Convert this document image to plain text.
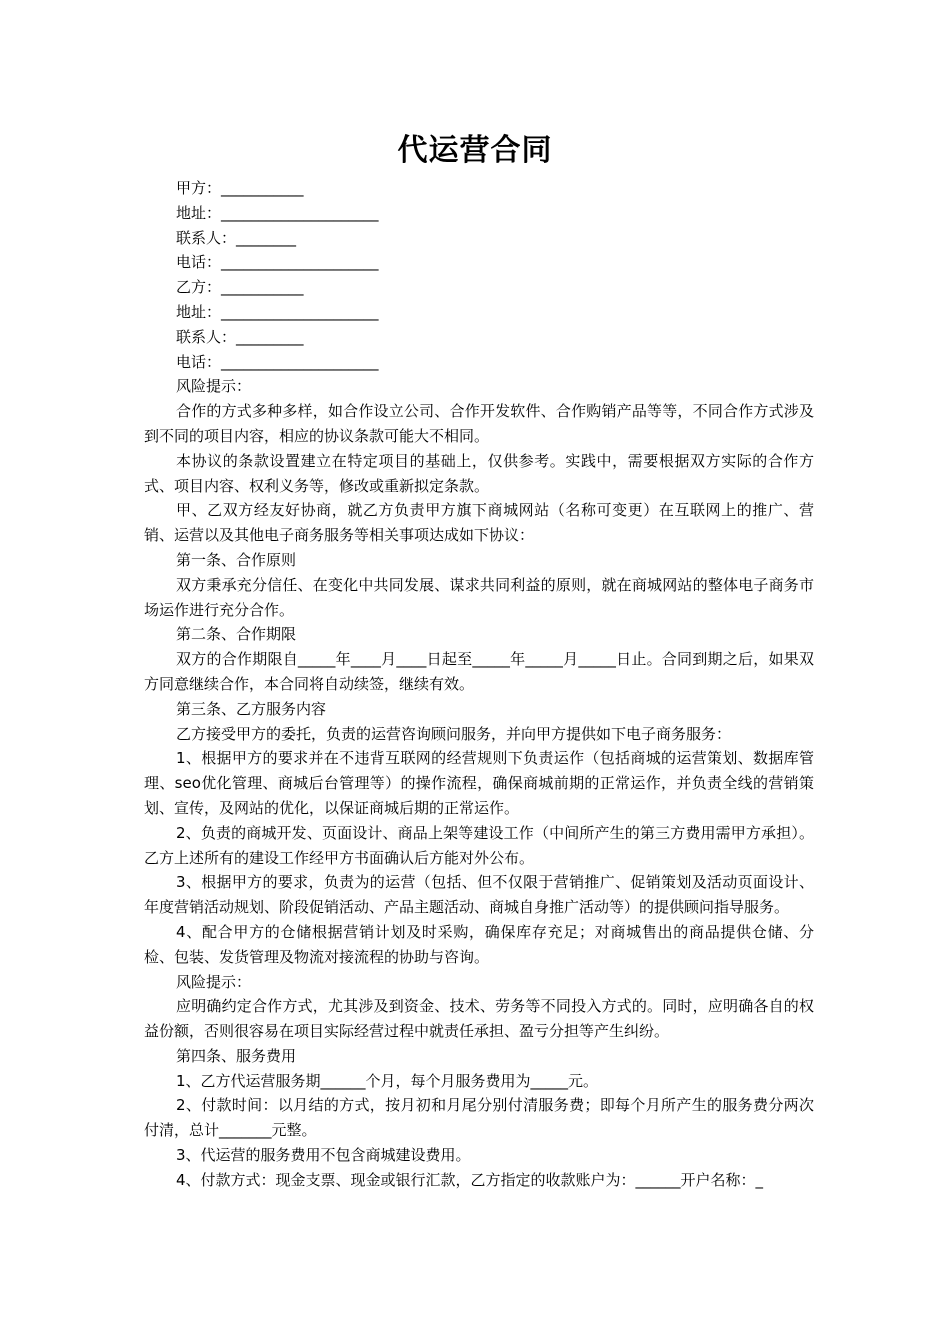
代运营合同
甲方：___________
地址：_____________________
联系人：________
电话：_____________________
乙方：___________
地址：_____________________
联系人：_________
电话：_____________________
风险提示：

合作的方式多种多样，如合作设立公司、合作开发软件、合作购销产品等等，不同合作方式涉及到不同的项目内容，相应的协议条款可能大不相同。

本协议的条款设置建立在特定项目的基础上，仅供参考。实践中，需要根据双方实际的合作方式、项目内容、权利义务等，修改或重新拟定条款。

甲、乙双方经友好协商，就乙方负责甲方旗下商城网站（名称可变更）在互联网上的推广、营销、运营以及其他电子商务服务等相关事项达成如下协议：

第一条、合作原则

双方秉承充分信任、在变化中共同发展、谋求共同利益的原则，就在商城网站的整体电子商务市场运作进行充分合作。

第二条、合作期限

双方的合作期限自_____年____月____日起至_____年_____月_____日止。合同到期之后，如果双方同意继续合作，本合同将自动续签，继续有效。

第三条、乙方服务内容

乙方接受甲方的委托，负责的运营咨询顾问服务，并向甲方提供如下电子商务服务：

1、根据甲方的要求并在不违背互联网的经营规则下负责运作（包括商城的运营策划、数据库管理、seo优化管理、商城后台管理等）的操作流程，确保商城前期的正常运作，并负责全线的营销策划、宣传，及网站的优化，以保证商城后期的正常运作。

2、负责的商城开发、页面设计、商品上架等建设工作（中间所产生的第三方费用需甲方承担）。乙方上述所有的建设工作经甲方书面确认后方能对外公布。

3、根据甲方的要求，负责为的运营（包括、但不仅限于营销推广、促销策划及活动页面设计、年度营销活动规划、阶段促销活动、产品主题活动、商城自身推广活动等）的提供顾问指导服务。

4、配合甲方的仓储根据营销计划及时采购，确保库存充足；对商城售出的商品提供仓储、分检、包装、发货管理及物流对接流程的协助与咨询。

风险提示：

应明确约定合作方式，尤其涉及到资金、技术、劳务等不同投入方式的。同时，应明确各自的权益份额，否则很容易在项目实际经营过程中就责任承担、盈亏分担等产生纠纷。

第四条、服务费用

1、乙方代运营服务期______个月，每个月服务费用为_____元。

2、付款时间：以月结的方式，按月初和月尾分别付清服务费；即每个月所产生的服务费分两次付清，总计_______元整。

3、代运营的服务费用不包含商城建设费用。

4、付款方式：现金支票、现金或银行汇款，乙方指定的收款账户为：______开户名称：_
